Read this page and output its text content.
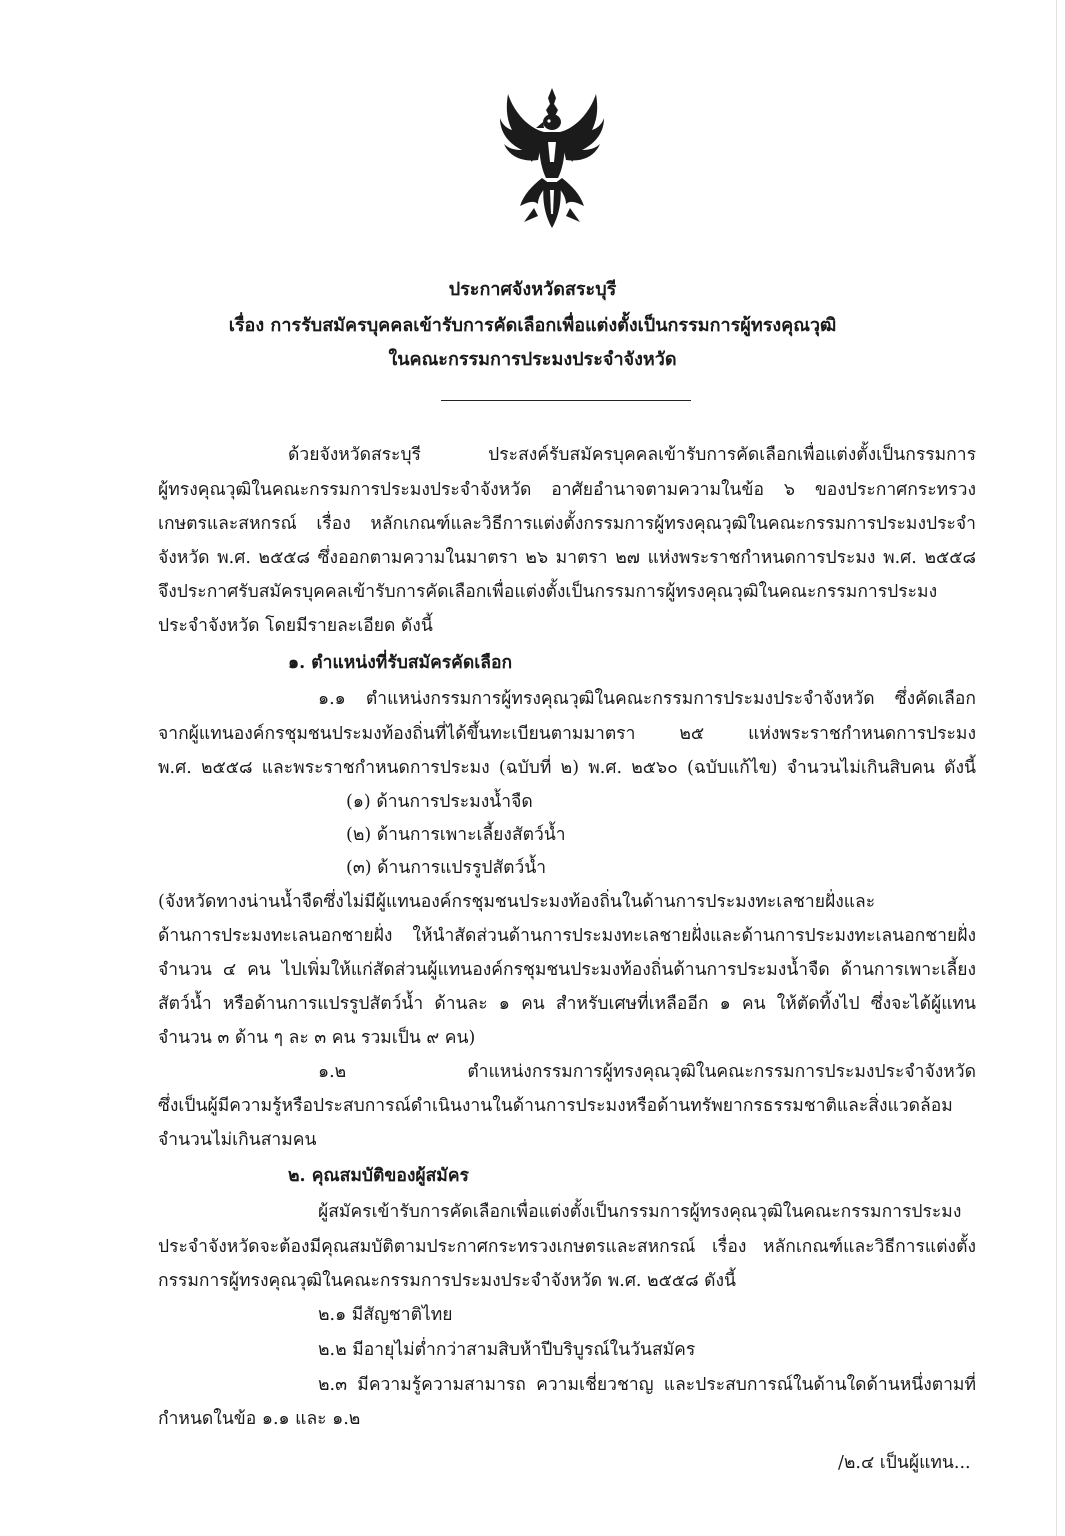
ประกาศจังหวัดสระบุรี
เรื่อง การรับสมัครบุคคลเข้ารับการคัดเลือกเพื่อแต่งตั้งเป็นกรรมการผู้ทรงคุณวุฒิ
ในคณะกรรมการประมงประจำจังหวัด
ด้วยจังหวัดสระบุรี ประสงค์รับสมัครบุคคลเข้ารับการคัดเลือกเพื่อแต่งตั้งเป็นกรรมการ
ผู้ทรงคุณวุฒิในคณะกรรมการประมงประจำจังหวัด อาศัยอำนาจตามความในข้อ ๖ ของประกาศกระทรวง
เกษตรและสหกรณ์ เรื่อง หลักเกณฑ์และวิธีการแต่งตั้งกรรมการผู้ทรงคุณวุฒิในคณะกรรมการประมงประจำ
จังหวัด พ.ศ. ๒๕๕๘ ซึ่งออกตามความในมาตรา ๒๖ มาตรา ๒๗ แห่งพระราชกำหนดการประมง พ.ศ. ๒๕๕๘
จึงประกาศรับสมัครบุคคลเข้ารับการคัดเลือกเพื่อแต่งตั้งเป็นกรรมการผู้ทรงคุณวุฒิในคณะกรรมการประมง
ประจำจังหวัด โดยมีรายละเอียด ดังนี้
๑. ตำแหน่งที่รับสมัครคัดเลือก
๑.๑ ตำแหน่งกรรมการผู้ทรงคุณวุฒิในคณะกรรมการประมงประจำจังหวัด ซึ่งคัดเลือก
จากผู้แทนองค์กรชุมชนประมงท้องถิ่นที่ได้ขึ้นทะเบียนตามมาตรา ๒๕ แห่งพระราชกำหนดการประมง
พ.ศ. ๒๕๕๘ และพระราชกำหนดการประมง (ฉบับที่ ๒) พ.ศ. ๒๕๖๐ (ฉบับแก้ไข) จำนวนไม่เกินสิบคน ดังนี้
(๑) ด้านการประมงน้ำจืด
(๒) ด้านการเพาะเลี้ยงสัตว์น้ำ
(๓) ด้านการแปรรูปสัตว์น้ำ
(จังหวัดทางน่านน้ำจืดซึ่งไม่มีผู้แทนองค์กรชุมชนประมงท้องถิ่นในด้านการประมงทะเลชายฝั่งและ
ด้านการประมงทะเลนอกชายฝั่ง ให้นำสัดส่วนด้านการประมงทะเลชายฝั่งและด้านการประมงทะเลนอกชายฝั่ง
จำนวน ๔ คน ไปเพิ่มให้แก่สัดส่วนผู้แทนองค์กรชุมชนประมงท้องถิ่นด้านการประมงน้ำจืด ด้านการเพาะเลี้ยง
สัตว์น้ำ หรือด้านการแปรรูปสัตว์น้ำ ด้านละ ๑ คน สำหรับเศษที่เหลืออีก ๑ คน ให้ตัดทิ้งไป ซึ่งจะได้ผู้แทน
จำนวน ๓ ด้าน ๆ ละ ๓ คน รวมเป็น ๙ คน)
๑.๒ ตำแหน่งกรรมการผู้ทรงคุณวุฒิในคณะกรรมการประมงประจำจังหวัด
ซึ่งเป็นผู้มีความรู้หรือประสบการณ์ดำเนินงานในด้านการประมงหรือด้านทรัพยากรธรรมชาติและสิ่งแวดล้อม
จำนวนไม่เกินสามคน
๒. คุณสมบัติของผู้สมัคร
ผู้สมัครเข้ารับการคัดเลือกเพื่อแต่งตั้งเป็นกรรมการผู้ทรงคุณวุฒิในคณะกรรมการประมง
ประจำจังหวัดจะต้องมีคุณสมบัติตามประกาศกระทรวงเกษตรและสหกรณ์ เรื่อง หลักเกณฑ์และวิธีการแต่งตั้ง
กรรมการผู้ทรงคุณวุฒิในคณะกรรมการประมงประจำจังหวัด พ.ศ. ๒๕๕๘ ดังนี้
๒.๑ มีสัญชาติไทย
๒.๒ มีอายุไม่ต่ำกว่าสามสิบห้าปีบริบูรณ์ในวันสมัคร
๒.๓ มีความรู้ความสามารถ ความเชี่ยวชาญ และประสบการณ์ในด้านใดด้านหนึ่งตามที่
กำหนดในข้อ ๑.๑ และ ๑.๒
/๒.๔ เป็นผู้แทน...
